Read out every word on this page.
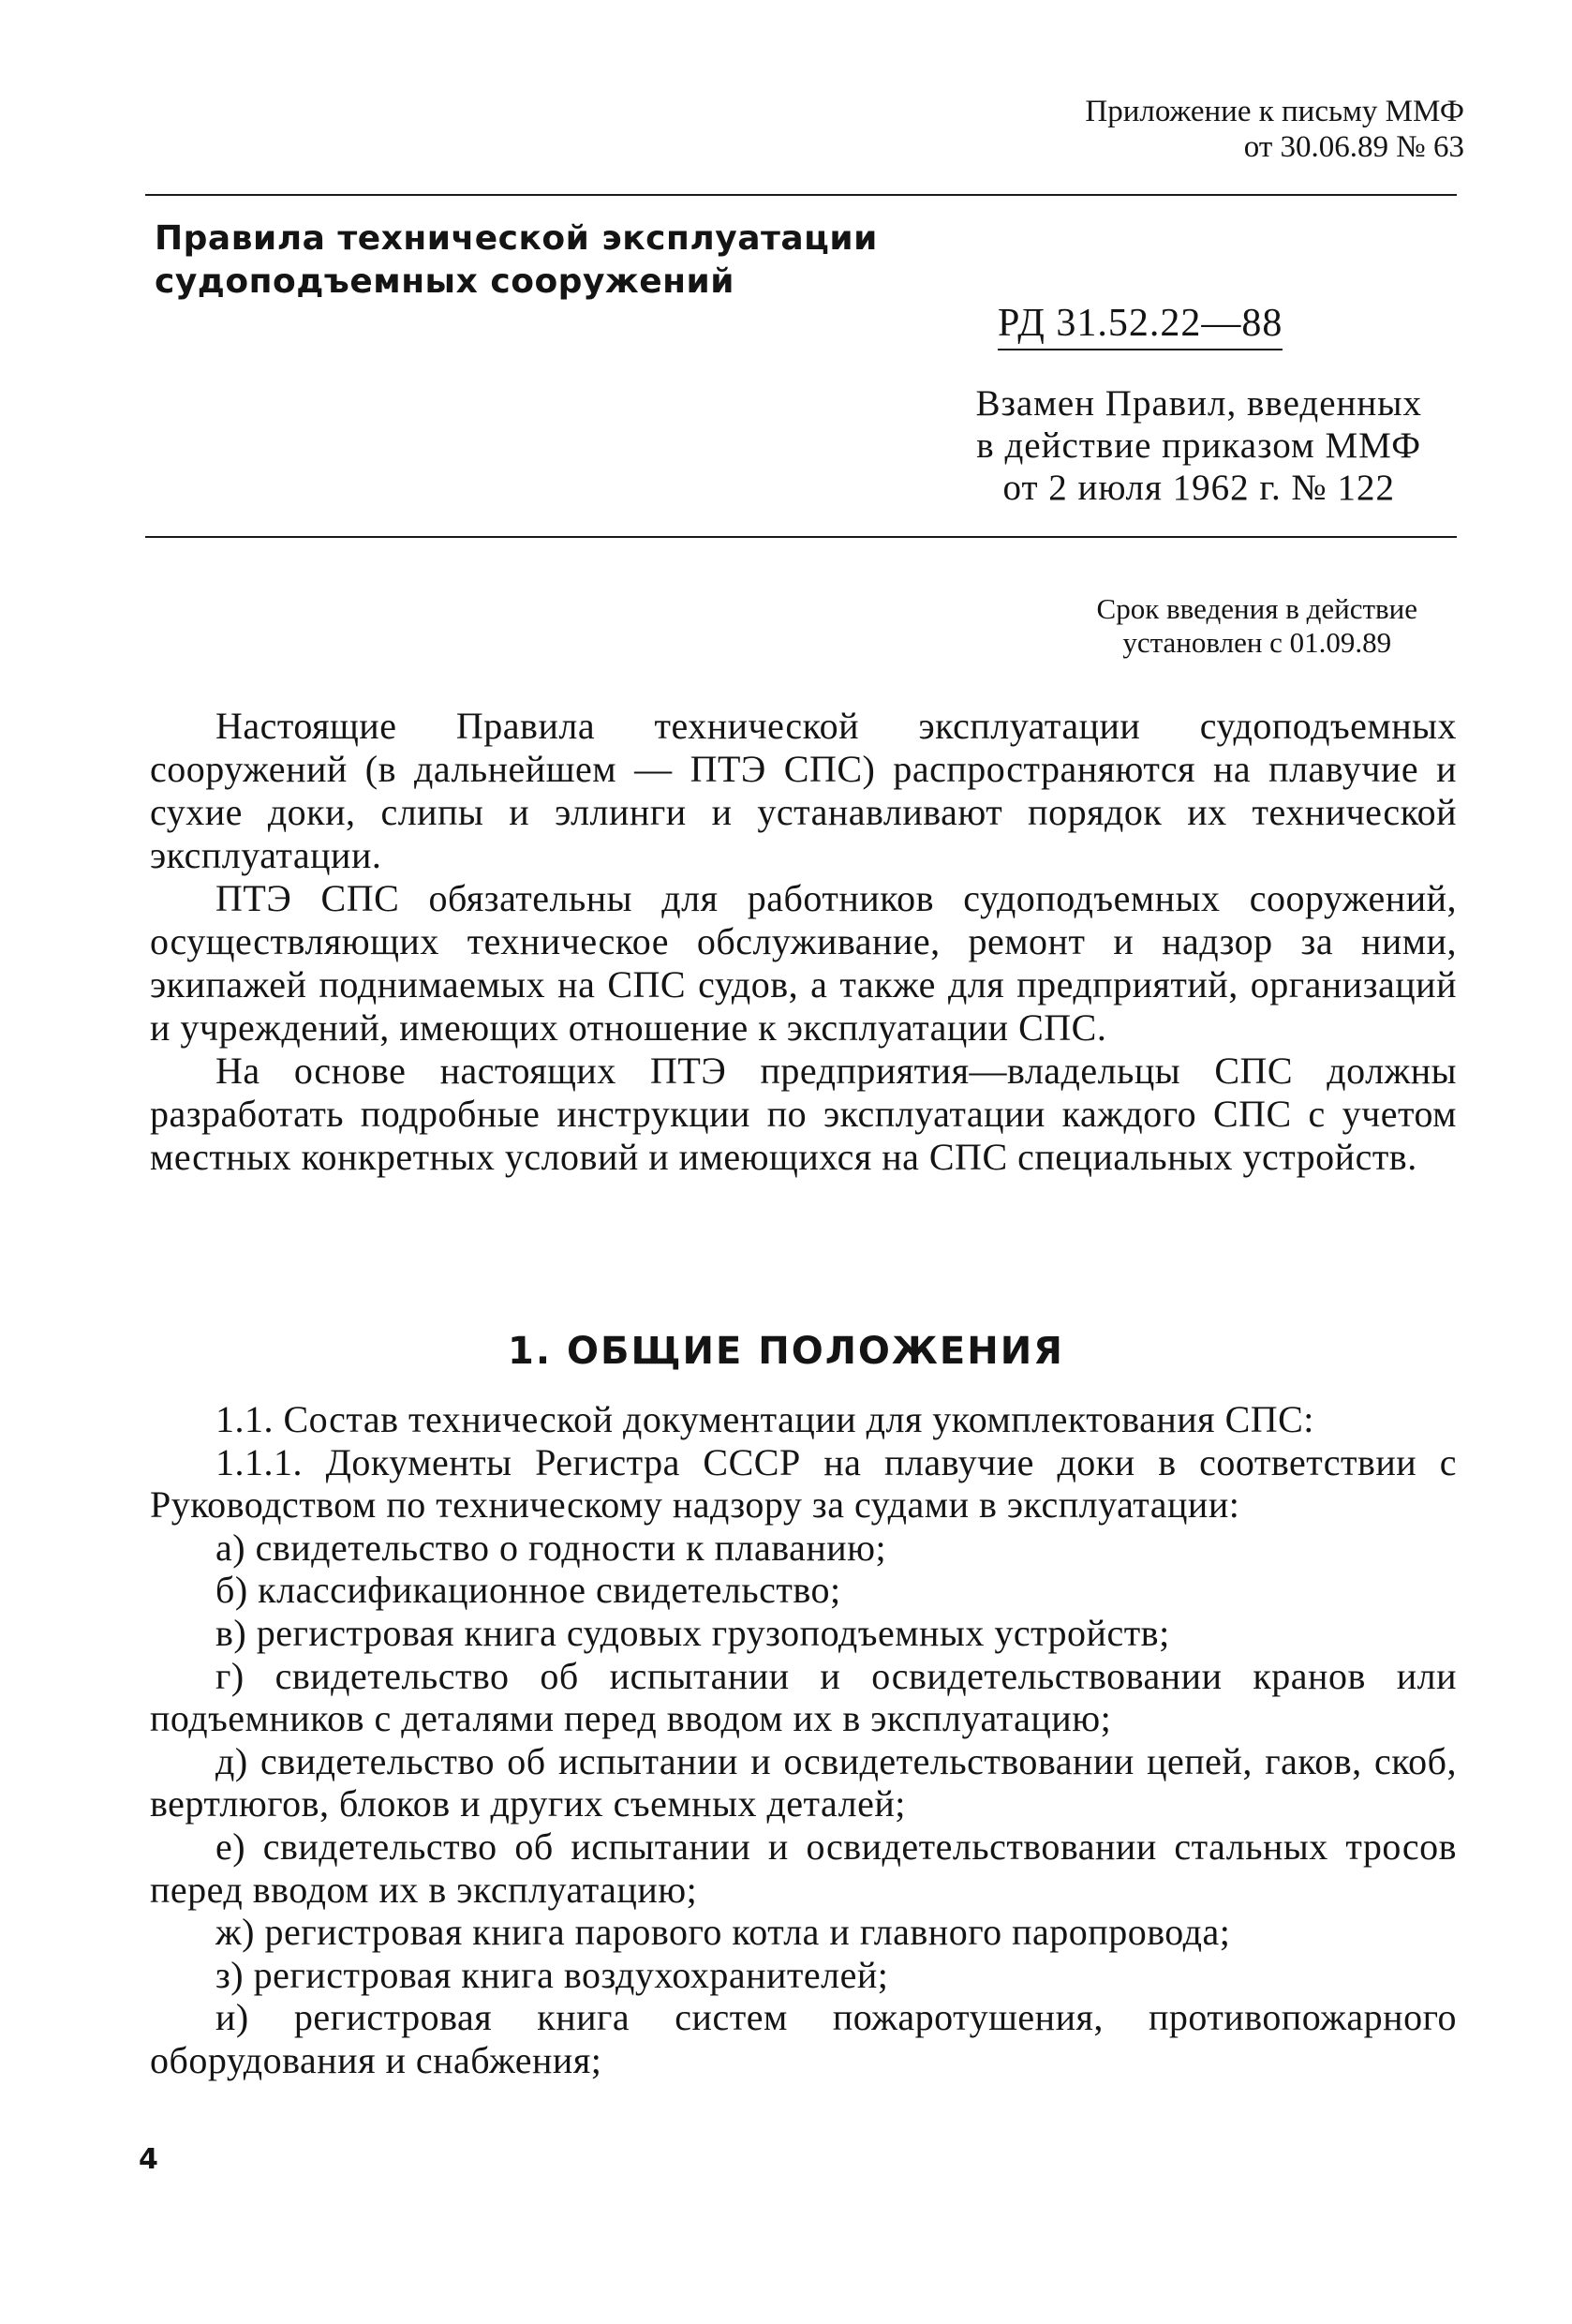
Приложение к письму ММФ
от 30.06.89 № 63
Правила технической эксплуатации
судоподъемных сооружений
РД 31.52.22—88
Взамен Правил, введенных
в действие приказом ММФ
от 2 июля 1962 г. № 122
Срок введения в действие
установлен с 01.09.89

Настоящие Правила технической эксплуатации судоподъемных сооружений (в дальнейшем — ПТЭ СПС) распространяются на плавучие и сухие доки, слипы и эллинги и устанавливают порядок их технической эксплуатации.

ПТЭ СПС обязательны для работников судоподъемных сооружений, осуществляющих техническое обслуживание, ремонт и надзор за ними, экипажей поднимаемых на СПС судов, а также для предприятий, организаций и учреждений, имеющих отношение к эксплуатации СПС.

На основе настоящих ПТЭ предприятия—владельцы СПС должны разработать подробные инструкции по эксплуатации каждого СПС с учетом местных конкретных условий и имеющихся на СПС специальных устройств.

1. ОБЩИЕ ПОЛОЖЕНИЯ

1.1. Состав технической документации для укомплектования СПС:

1.1.1. Документы Регистра СССР на плавучие доки в соответствии с Руководством по техническому надзору за судами в эксплуатации:

а) свидетельство о годности к плаванию;

б) классификационное свидетельство;

в) регистровая книга судовых грузоподъемных устройств;

г) свидетельство об испытании и освидетельствовании кранов или подъемников с деталями перед вводом их в эксплуатацию;

д) свидетельство об испытании и освидетельствовании цепей, гаков, скоб, вертлюгов, блоков и других съемных деталей;

е) свидетельство об испытании и освидетельствовании стальных тросов перед вводом их в эксплуатацию;

ж) регистровая книга парового котла и главного паропровода;

з) регистровая книга воздухохранителей;

и) регистровая книга систем пожаротушения, противопожарного оборудования и снабжения;

4
